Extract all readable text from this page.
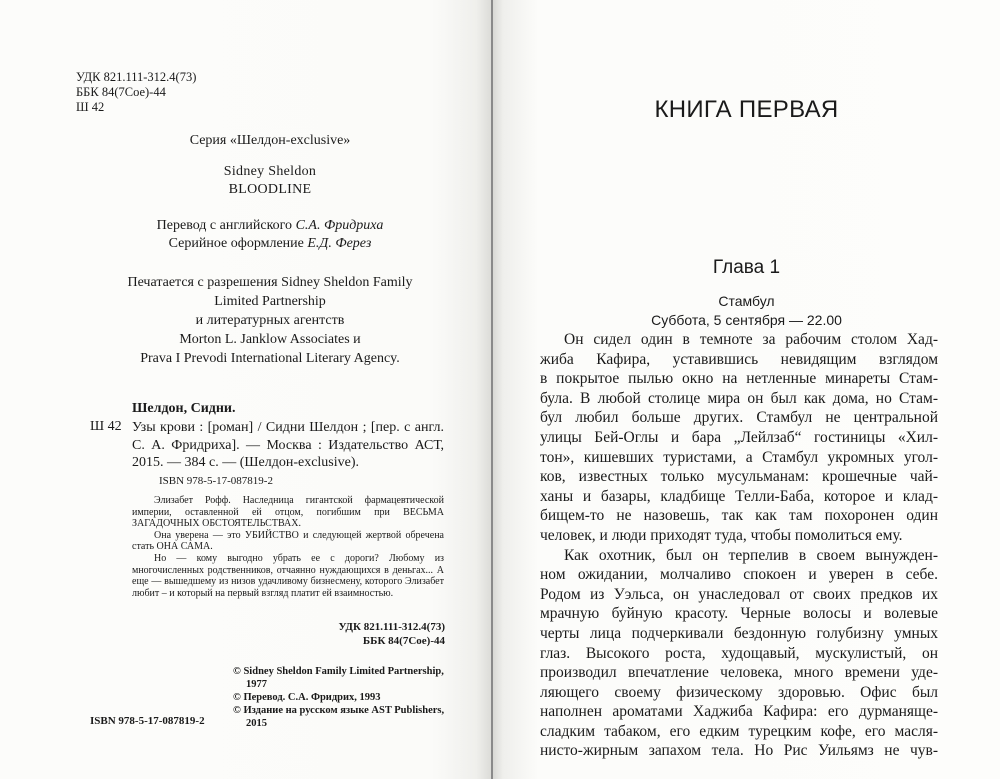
УДК 821.111-312.4(73)
ББК 84(7Сое)-44
Ш 42
Серия «Шелдон-exclusive»
Sidney Sheldon
BLOODLINE
Перевод с английского С.А. Фридриха
Серийное оформление Е.Д. Ферез
Печатается с разрешения Sidney Sheldon Family
Limited Partnership
и литературных агентств
Morton L. Janklow Associates и
Prava I Prevodi International Literary Agency.
Шелдон, Сидни.
Ш 42 Узы крови : [роман] / Сидни Шелдон ; [пер. с англ. С. А. Фридриха]. — Москва : Издательство АСТ, 2015. — 384 с. — (Шелдон-exclusive).
ISBN 978-5-17-087819-2

Элизабет Рофф. Наследница гигантской фармацевтической империи, оставленной ей отцом, погибшим при ВЕСЬМА ЗАГАДОЧНЫХ ОБСТОЯТЕЛЬСТВАХ.

Она уверена — это УБИЙСТВО и следующей жертвой обречена стать ОНА САМА.

Но — кому выгодно убрать ее с дороги? Любому из многочисленных родственников, отчаянно нуждающихся в деньгах... А еще — вышедшему из низов удачливому бизнесмену, которого Элизабет любит – и который на первый взгляд платит ей взаимностью.

УДК 821.111-312.4(73)
ББК 84(7Сое)-44
© Sidney Sheldon Family Limited Partnership, 1977
© Перевод. С.А. Фридрих, 1993
© Издание на русском языке AST Publishers, 2015
ISBN 978-5-17-087819-2
КНИГА ПЕРВАЯ
Глава 1
Стамбул
Суббота, 5 сентября — 22.00
Он сидел один в темноте за рабочим столом Хад-
жиба Кафира, уставившись невидящим взглядом
в покрытое пылью окно на нетленные минареты Стам-
була. В любой столице мира он был как дома, но Стам-
бул любил больше других. Стамбул не центральной
улицы Бей-Оглы и бара „Лейлзаб“ гостиницы «Хил-
тон», кишевших туристами, а Стамбул укромных угол-
ков, известных только мусульманам: крошечные чай-
ханы и базары, кладбище Телли-Баба, которое и клад-
бищем-то не назовешь, так как там похоронен один
человек, и люди приходят туда, чтобы помолиться ему.
Как охотник, был он терпелив в своем вынужден-
ном ожидании, молчаливо спокоен и уверен в себе.
Родом из Уэльса, он унаследовал от своих предков их
мрачную буйную красоту. Черные волосы и волевые
черты лица подчеркивали бездонную голубизну умных
глаз. Высокого роста, худощавый, мускулистый, он
производил впечатление человека, много времени уде-
ляющего своему физическому здоровью. Офис был
наполнен ароматами Хаджиба Кафира: его дурманяще-
сладким табаком, его едким турецким кофе, его масля-
нисто-жирным запахом тела. Но Рис Уильямз не чув-
